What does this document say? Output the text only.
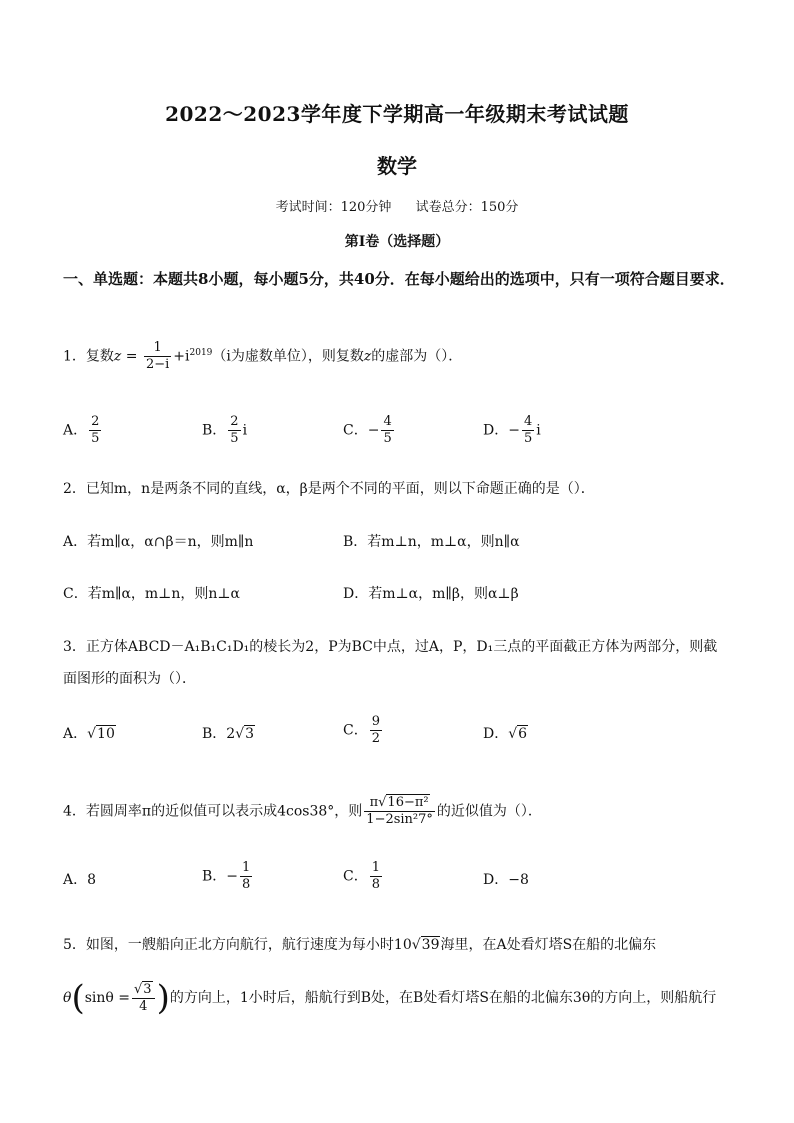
2022～2023学年度下学期高一年级期末考试试题
数学
考试时间：120分钟 试卷总分：150分
第Ⅰ卷（选择题）
一、单选题：本题共8小题，每小题5分，共40分．在每小题给出的选项中，只有一项符合题目要求．
1．复数$z = \frac{1}{2-i} +i^{2019}(i$为虚数单位），则复数z的虚部为（）．
A． $\frac{2}{5}$	B． $\frac{2}{5}$ i	C．− $\frac{4}{5}$	D．− $\frac{4}{5}$ i
2．已知m，n是两条不同的直线，α，β是两个不同的平面，则以下命题正确的是（）．
A．若m∥α，α∩β＝n，则m∥n	B．若m⊥n，m⊥α，则n∥α
C．若m∥α，m⊥n，则n⊥α	D．若m⊥α，m∥β，则α⊥β
3．正方体ABCD－A₁B₁C₁D₁的棱长为2，P为BC中点，过A，P，D₁三点的平面截正方体为两部分，则截
面图形的面积为（）．
A．√10	B．2√3	C． $\frac{9}{2}$	D．√6
4．若圆周率π的近似值可以表示成4cos38°，则 $\frac{\text{π√16−π²}}{\text{1−2sin²7°}}$ 的近似值为（）．
A．8	B．− $\frac{1}{8}$	C． $\frac{1}{8}$	D．−8
5．如图，一艘船向正北方向航行，航行速度为每小时10√39海里，在A处看灯塔S在船的北偏东
$\theta(\sin\theta = \frac{√3}{4}$ )的方向上，1小时后，船航行到B处，在B处看灯塔S在船的北偏东3θ的方向上，则船航行
